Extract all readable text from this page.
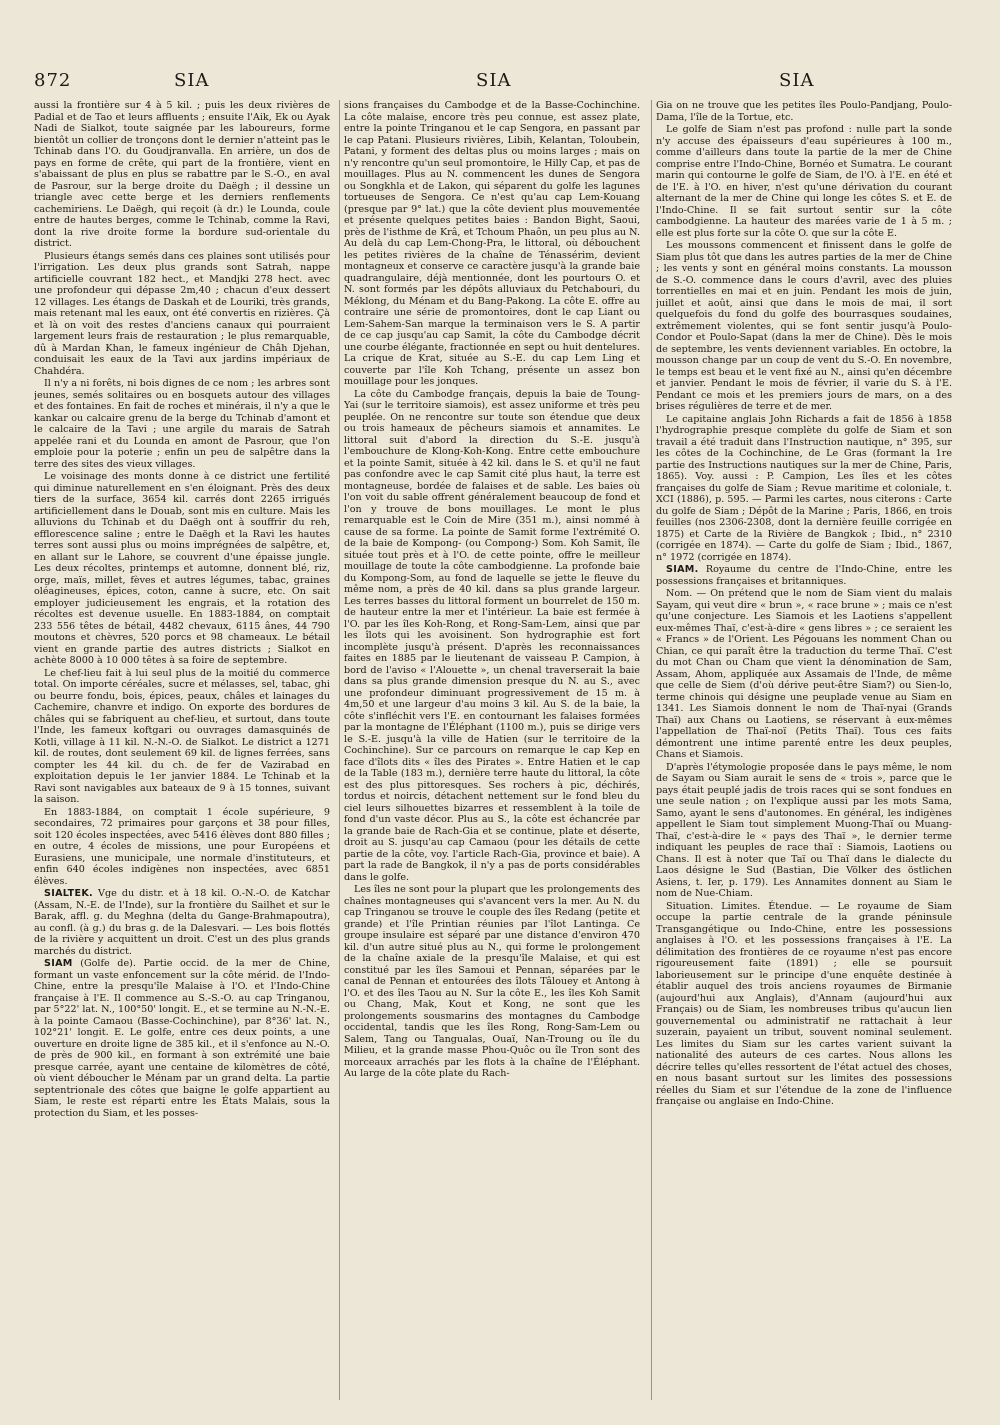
872	SIA	SIA	SIA

aussi la frontière sur 4 à 5 kil. ; puis les deux rivières de Padial et de Tao et leurs affluents ; ensuite l'Aik, Ek ou Ayak Nadi de Sialkot, toute saignée par les laboureurs, forme bientôt un collier de tronçons dont le dernier n'atteint pas le Tchinab dans l'O. du Goudjranvalla. En arrière, un dos de pays en forme de crête, qui part de la frontière, vient en s'abaissant de plus en plus se rabattre par le S.-O., en aval de Pasrour, sur la berge droite du Daëgh ; il dessine un triangle avec cette berge et les derniers renflements cachemiriens. Le Daëgh, qui reçoit (à dr.) le Lounda, coule entre de hautes berges, comme le Tchinab, comme la Ravi, dont la rive droite forme la bordure sud-orientale du district.

Plusieurs étangs semés dans ces plaines sont utilisés pour l'irrigation. Les deux plus grands sont Satrah, nappe artificielle couvrant 182 hect., et Mandjki 278 hect. avec une profondeur qui dépasse 2m,40 ; chacun d'eux dessert 12 villages. Les étangs de Daskah et de Louriki, très grands, mais retenant mal les eaux, ont été convertis en rizières. Çà et là on voit des restes d'anciens canaux qui pourraient largement leurs frais de restauration ; le plus remarquable, dû à Mardan Khan, le fameux ingénieur de Châh Djehan, conduisait les eaux de la Tavi aux jardins impériaux de Chahdéra.

Il n'y a ni forêts, ni bois dignes de ce nom ; les arbres sont jeunes, semés solitaires ou en bosquets autour des villages et des fontaines. En fait de roches et minérais, il n'y a que le kankar ou calcaire grenu de la berge du Tchinab d'amont et le calcaire de la Tavi ; une argile du marais de Satrah appelée rani et du Lounda en amont de Pasrour, que l'on emploie pour la poterie ; enfin un peu de salpêtre dans la terre des sites des vieux villages.

Le voisinage des monts donne à ce district une fertilité qui diminue naturellement en s'en éloignant. Près des deux tiers de la surface, 3654 kil. carrés dont 2265 irrigués artificiellement dans le Douab, sont mis en culture. Mais les alluvions du Tchinab et du Daëgh ont à souffrir du reh, efflorescence saline ; entre le Daëgh et la Ravi les hautes terres sont aussi plus ou moins imprégnées de salpêtre, et, en allant sur le Lahore, se couvrent d'une épaisse jungle. Les deux récoltes, printemps et automne, donnent blé, riz, orge, maïs, millet, fèves et autres légumes, tabac, graines oléagineuses, épices, coton, canne à sucre, etc. On sait employer judicieusement les engrais, et la rotation des récoltes est devenue usuelle. En 1883-1884, on comptait 233 556 têtes de bétail, 4482 chevaux, 6115 ânes, 44 790 moutons et chèvres, 520 porcs et 98 chameaux. Le bétail vient en grande partie des autres districts ; Sialkot en achète 8000 à 10 000 têtes à sa foire de septembre.

Le chef-lieu fait à lui seul plus de la moitié du commerce total. On importe céréales, sucre et mélasses, sel, tabac, ghi ou beurre fondu, bois, épices, peaux, châles et lainages du Cachemire, chanvre et indigo. On exporte des bordures de châles qui se fabriquent au chef-lieu, et surtout, dans toute l'Inde, les fameux koftgari ou ouvrages damasquinés de Kotli, village à 11 kil. N.-N.-O. de Sialkot. Le district a 1271 kil. de routes, dont seulement 69 kil. de lignes ferrées, sans compter les 44 kil. du ch. de fer de Vazirabad en exploitation depuis le 1er janvier 1884. Le Tchinab et la Ravi sont navigables aux bateaux de 9 à 15 tonnes, suivant la saison.

En 1883-1884, on comptait 1 école supérieure, 9 secondaires, 72 primaires pour garçons et 38 pour filles, soit 120 écoles inspectées, avec 5416 élèves dont 880 filles ; en outre, 4 écoles de missions, une pour Européens et Eurasiens, une municipale, une normale d'instituteurs, et enfin 640 écoles indigènes non inspectées, avec 6851 élèves.

SIALTEK. Vge du distr. et à 18 kil. O.-N.-O. de Katchar (Assam, N.-E. de l'Inde), sur la frontière du Sailhet et sur le Barak, affl. g. du Meghna (delta du Gange-Brahmapoutra), au confl. (à g.) du bras g. de la Dalesvari. — Les bois flottés de la rivière y acquittent un droit. C'est un des plus grands marchés du district.

SIAM (Golfe de). Partie occid. de la mer de Chine, formant un vaste enfoncement sur la côte mérid. de l'Indo-Chine, entre la presqu'île Malaise à l'O. et l'Indo-Chine française à l'E. Il commence au S.-S.-O. au cap Tringanou, par 5°22' lat. N., 100°50' longit. E., et se termine au N.-N.-E. à la pointe Camaou (Basse-Cochinchine), par 8°36' lat. N., 102°21' longit. E. Le golfe, entre ces deux points, a une ouverture en droite ligne de 385 kil., et il s'enfonce au N.-O. de près de 900 kil., en formant à son extrémité une baie presque carrée, ayant une centaine de kilomètres de côté, où vient déboucher le Ménam par un grand delta. La partie septentrionale des côtes que baigne le golfe appartient au Siam, le reste est réparti entre les États Malais, sous la protection du Siam, et les posses-

sions françaises du Cambodge et de la Basse-Cochinchine. La côte malaise, encore très peu connue, est assez plate, entre la pointe Tringanou et le cap Sengora, en passant par le cap Patani. Plusieurs rivières, Libih, Kelantan, Toloubein, Patani, y forment des deltas plus ou moins larges ; mais on n'y rencontre qu'un seul promontoire, le Hilly Cap, et pas de mouillages. Plus au N. commencent les dunes de Sengora ou Songkhla et de Lakon, qui séparent du golfe les lagunes tortueuses de Sengora. Ce n'est qu'au cap Lem-Kouang (presque par 9° lat.) que la côte devient plus mouvementée et présente quelques petites baies : Bandon Bight, Saoui, près de l'isthme de Krâ, et Tchoum Phaôn, un peu plus au N. Au delà du cap Lem-Chong-Pra, le littoral, où débouchent les petites rivières de la chaîne de Ténassérim, devient montagneux et conserve ce caractère jusqu'à la grande baie quadrangulaire, déjà mentionnée, dont les pourtours O. et N. sont formés par les dépôts alluviaux du Petchabouri, du Méklong, du Ménam et du Bang-Pakong. La côte E. offre au contraire une série de promontoires, dont le cap Liant ou Lem-Sahem-San marque la terminaison vers le S. A partir de ce cap jusqu'au cap Samit, la côte du Cambodge décrit une courbe élégante, fractionnée en sept ou huit dentelures. La crique de Krat, située au S.-E. du cap Lem Ling et couverte par l'île Koh Tchang, présente un assez bon mouillage pour les jonques.

La côte du Cambodge français, depuis la baie de Toung-Yai (sur le territoire siamois), est assez uniforme et très peu peuplée. On ne rencontre sur toute son étendue que deux ou trois hameaux de pêcheurs siamois et annamites. Le littoral suit d'abord la direction du S.-E. jusqu'à l'embouchure de Klong-Koh-Kong. Entre cette embouchure et la pointe Samit, située à 42 kil. dans le S. et qu'il ne faut pas confondre avec le cap Samit cité plus haut, la terre est montagneuse, bordée de falaises et de sable. Les baies où l'on voit du sable offrent généralement beaucoup de fond et l'on y trouve de bons mouillages. Le mont le plus remarquable est le Coin de Mire (351 m.), ainsi nommé à cause de sa forme. La pointe de Samit forme l'extrémité O. de la baie de Kompong- (ou Compong-) Som. Koh Samit, île située tout près et à l'O. de cette pointe, offre le meilleur mouillage de toute la côte cambodgienne. La profonde baie du Kompong-Som, au fond de laquelle se jette le fleuve du même nom, a près de 40 kil. dans sa plus grande largeur. Les terres basses du littoral forment un bourrelet de 150 m. de hauteur entre la mer et l'intérieur. La baie est fermée à l'O. par les îles Koh-Rong, et Rong-Sam-Lem, ainsi que par les îlots qui les avoisinent. Son hydrographie est fort incomplète jusqu'à présent. D'après les reconnaissances faites en 1885 par le lieutenant de vaisseau P. Campion, à bord de l'aviso « l'Alouette », un chenal traverserait la baie dans sa plus grande dimension presque du N. au S., avec une profondeur diminuant progressivement de 15 m. à 4m,50 et une largeur d'au moins 3 kil. Au S. de la baie, la côte s'infléchit vers l'E. en contournant les falaises formées par la montagne de l'Éléphant (1100 m.), puis se dirige vers le S.-E. jusqu'à la ville de Hatien (sur le territoire de la Cochinchine). Sur ce parcours on remarque le cap Kep en face d'îlots dits « îles des Pirates ». Entre Hatien et le cap de la Table (183 m.), dernière terre haute du littoral, la côte est des plus pittoresques. Ses rochers à pic, déchirés, tordus et noircis, détachent nettement sur le fond bleu du ciel leurs silhouettes bizarres et ressemblent à la toile de fond d'un vaste décor. Plus au S., la côte est échancrée par la grande baie de Rach-Gia et se continue, plate et déserte, droit au S. jusqu'au cap Camaou (pour les détails de cette partie de la côte, voy. l'article Rach-Gia, province et baie). A part la rade de Bangkok, il n'y a pas de ports considérables dans le golfe.

Les îles ne sont pour la plupart que les prolongements des chaînes montagneuses qui s'avancent vers la mer. Au N. du cap Tringanou se trouve le couple des îles Redang (petite et grande) et l'île Printian réunies par l'îlot Lantinga. Ce groupe insulaire est séparé par une distance d'environ 470 kil. d'un autre situé plus au N., qui forme le prolongement de la chaîne axiale de la presqu'île Malaise, et qui est constitué par les îles Samoui et Pennan, séparées par le canal de Pennan et entourées des îlots Tâlouey et Antong à l'O. et des îles Taou au N. Sur la côte E., les îles Koh Samit ou Chang, Mak, Kout et Kong, ne sont que les prolongements sousmarins des montagnes du Cambodge occidental, tandis que les îles Rong, Rong-Sam-Lem ou Salem, Tang ou Tangualas, Ouaï, Nan-Troung ou île du Milieu, et la grande masse Phou-Quôc ou île Tron sont des morceaux arrachés par les flots à la chaîne de l'Éléphant. Au large de la côte plate du Rach-

Gia on ne trouve que les petites îles Poulo-Pandjang, Poulo-Dama, l'île de la Tortue, etc.

Le golfe de Siam n'est pas profond : nulle part la sonde n'y accuse des épaisseurs d'eau supérieures à 100 m., comme d'ailleurs dans toute la partie de la mer de Chine comprise entre l'Indo-Chine, Bornéo et Sumatra. Le courant marin qui contourne le golfe de Siam, de l'O. à l'E. en été et de l'E. à l'O. en hiver, n'est qu'une dérivation du courant alternant de la mer de Chine qui longe les côtes S. et E. de l'Indo-Chine. Il se fait surtout sentir sur la côte cambodgienne. La hauteur des marées varie de 1 à 5 m. ; elle est plus forte sur la côte O. que sur la côte E.

Les moussons commencent et finissent dans le golfe de Siam plus tôt que dans les autres parties de la mer de Chine ; les vents y sont en général moins constants. La mousson de S.-O. commence dans le cours d'avril, avec des pluies torrentielles en mai et en juin. Pendant les mois de juin, juillet et août, ainsi que dans le mois de mai, il sort quelquefois du fond du golfe des bourrasques soudaines, extrêmement violentes, qui se font sentir jusqu'à Poulo-Condor et Poulo-Sapat (dans la mer de Chine). Dès le mois de septembre, les vents deviennent variables. En octobre, la mousson change par un coup de vent du S.-O. En novembre, le temps est beau et le vent fixé au N., ainsi qu'en décembre et janvier. Pendant le mois de février, il varie du S. à l'E. Pendant ce mois et les premiers jours de mars, on a des brises régulières de terre et de mer.

Le capitaine anglais John Richards a fait de 1856 à 1858 l'hydrographie presque complète du golfe de Siam et son travail a été traduit dans l'Instruction nautique, n° 395, sur les côtes de la Cochinchine, de Le Gras (formant la 1re partie des Instructions nautiques sur la mer de Chine, Paris, 1865). Voy. aussi : P. Campion, Les îles et les côtes françaises du golfe de Siam ; Revue maritime et coloniale, t. XCI (1886), p. 595. — Parmi les cartes, nous citerons : Carte du golfe de Siam ; Dépôt de la Marine ; Paris, 1866, en trois feuilles (nos 2306-2308, dont la dernière feuille corrigée en 1875) et Carte de la Rivière de Bangkok ; Ibid., n° 2310 (corrigée en 1874). — Carte du golfe de Siam ; Ibid., 1867, n° 1972 (corrigée en 1874).

SIAM. Royaume du centre de l'Indo-Chine, entre les possessions françaises et britanniques.

Nom. — On prétend que le nom de Siam vient du malais Sayam, qui veut dire « brun », « race brune » ; mais ce n'est qu'une conjecture. Les Siamois et les Laotiens s'appellent eux-mêmes Thaï, c'est-à-dire « gens libres » ; ce seraient les « Francs » de l'Orient. Les Pégouans les nomment Chan ou Chian, ce qui paraît être la traduction du terme Thaï. C'est du mot Chan ou Cham que vient la dénomination de Sam, Assam, Ahom, appliquée aux Assamais de l'Inde, de même que celle de Siem (d'où dérive peut-être Siam?) ou Sien-lo, terme chinois qui désigne une peuplade venue au Siam en 1341. Les Siamois donnent le nom de Thaï-nyai (Grands Thaï) aux Chans ou Laotiens, se réservant à eux-mêmes l'appellation de Thaï-noï (Petits Thaï). Tous ces faits démontrent une intime parenté entre les deux peuples, Chans et Siamois.

D'après l'étymologie proposée dans le pays même, le nom de Sayam ou Siam aurait le sens de « trois », parce que le pays était peuplé jadis de trois races qui se sont fondues en une seule nation ; on l'explique aussi par les mots Sama, Samo, ayant le sens d'autonomes. En général, les indigènes appellent le Siam tout simplement Muong-Thaï ou Muang-Thaï, c'est-à-dire le « pays des Thaï », le dernier terme indiquant les peuples de race thaï : Siamois, Laotiens ou Chans. Il est à noter que Taï ou Thaï dans le dialecte du Laos désigne le Sud (Bastian, Die Völker des östlichen Asiens, t. Ier, p. 179). Les Annamites donnent au Siam le nom de Nue-Chiam.

Situation. Limites. Étendue. — Le royaume de Siam occupe la partie centrale de la grande péninsule Transgangétique ou Indo-Chine, entre les possessions anglaises à l'O. et les possessions françaises à l'E. La délimitation des frontières de ce royaume n'est pas encore rigoureusement faite (1891) ; elle se poursuit laborieusement sur le principe d'une enquête destinée à établir auquel des trois anciens royaumes de Birmanie (aujourd'hui aux Anglais), d'Annam (aujourd'hui aux Français) ou de Siam, les nombreuses tribus qu'aucun lien gouvernemental ou administratif ne rattachait à leur suzerain, payaient un tribut, souvent nominal seulement. Les limites du Siam sur les cartes varient suivant la nationalité des auteurs de ces cartes. Nous allons les décrire telles qu'elles ressortent de l'état actuel des choses, en nous basant surtout sur les limites des possessions réelles du Siam et sur l'étendue de la zone de l'influence française ou anglaise en Indo-Chine.
